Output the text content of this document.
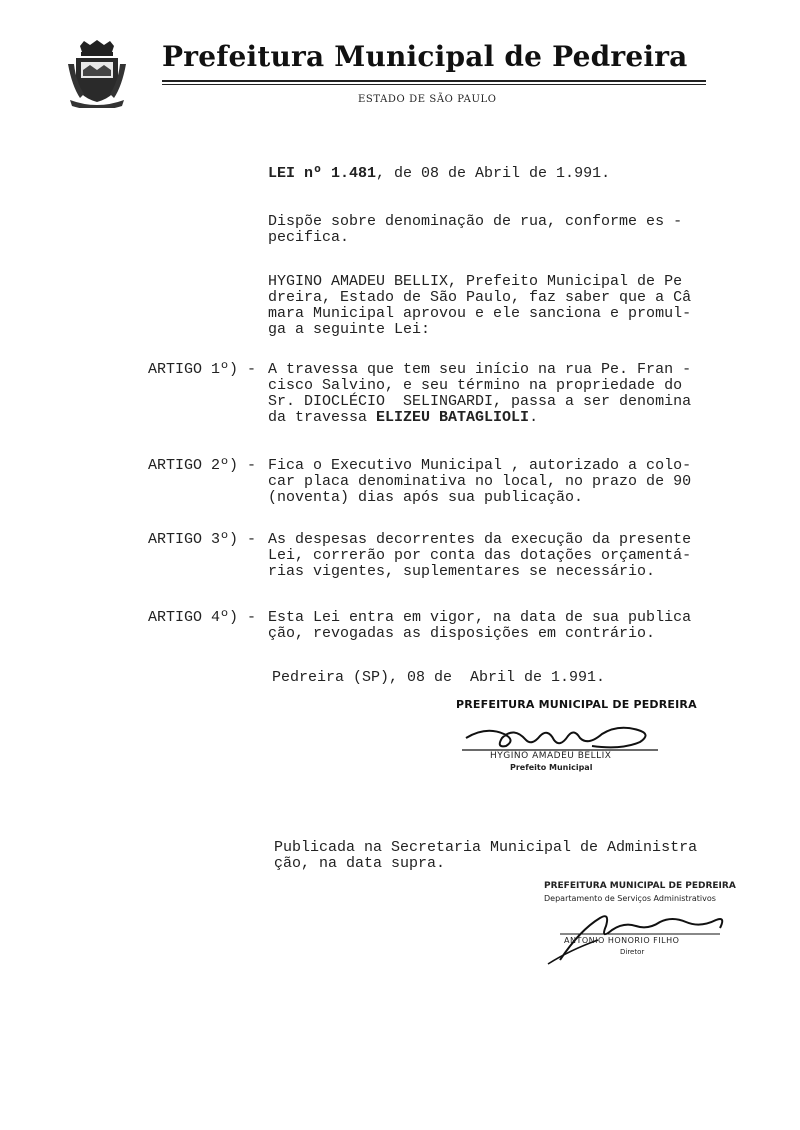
Prefeitura Municipal de Pedreira
ESTADO DE SÃO PAULO
LEI nº 1.481, de 08 de Abril de 1.991.
Dispõe sobre denominação de rua, conforme es -
pecifica.
HYGINO AMADEU BELLIX, Prefeito Municipal de Pe
dreira, Estado de São Paulo, faz saber que a Câ
mara Municipal aprovou e ele sanciona e promul-
ga a seguinte Lei:
ARTIGO 1º) - A travessa que tem seu início na rua Pe. Fran -
cisco Salvino, e seu término na propriedade do
Sr. DIOCLÉCIO  SELINGARDI, passa a ser denomina
da travessa ELIZEU BATAGLIOLI.
ARTIGO 2º) - Fica o Executivo Municipal , autorizado a colo-
car placa denominativa no local, no prazo de 90
(noventa) dias após sua publicação.
ARTIGO 3º) - As despesas decorrentes da execução da presente
Lei, correrão por conta das dotações orçamentá-
rias vigentes, suplementares se necessário.
ARTIGO 4º) - Esta Lei entra em vigor, na data de sua publica
ção, revogadas as disposições em contrário.
Pedreira (SP), 08 de  Abril de 1.991.
PREFEITURA MUNICIPAL DE PEDREIRA
HYGINO AMADEU BELLIX
Prefeito Municipal
Publicada na Secretaria Municipal de Administra
ção, na data supra.
PREFEITURA MUNICIPAL DE PEDREIRA
Departamento de Serviços Administrativos
ANTONIO HONORIO FILHO
Diretor
